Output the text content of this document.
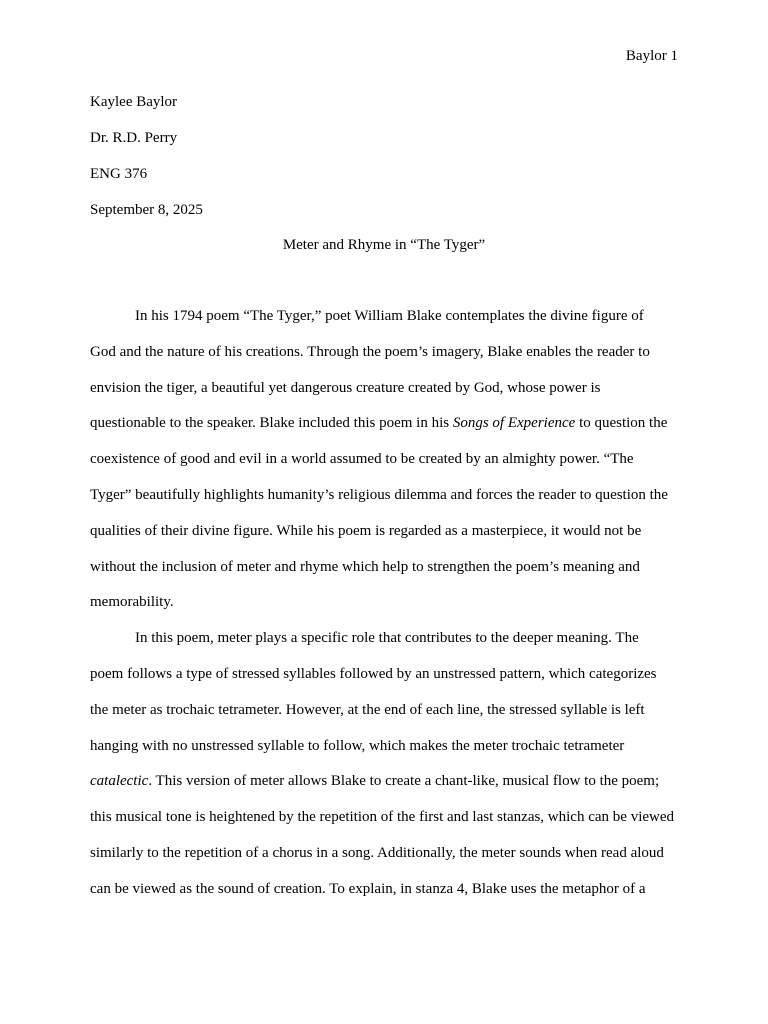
Baylor 1
Kaylee Baylor
Dr. R.D. Perry
ENG 376
September 8, 2025
Meter and Rhyme in “The Tyger”
In his 1794 poem “The Tyger,” poet William Blake contemplates the divine figure of
God and the nature of his creations. Through the poem’s imagery, Blake enables the reader to
envision the tiger, a beautiful yet dangerous creature created by God, whose power is
questionable to the speaker. Blake included this poem in his Songs of Experience to question the
coexistence of good and evil in a world assumed to be created by an almighty power. “The
Tyger” beautifully highlights humanity’s religious dilemma and forces the reader to question the
qualities of their divine figure. While his poem is regarded as a masterpiece, it would not be
without the inclusion of meter and rhyme which help to strengthen the poem’s meaning and
memorability.
In this poem, meter plays a specific role that contributes to the deeper meaning. The
poem follows a type of stressed syllables followed by an unstressed pattern, which categorizes
the meter as trochaic tetrameter. However, at the end of each line, the stressed syllable is left
hanging with no unstressed syllable to follow, which makes the meter trochaic tetrameter
catalectic. This version of meter allows Blake to create a chant-like, musical flow to the poem;
this musical tone is heightened by the repetition of the first and last stanzas, which can be viewed
similarly to the repetition of a chorus in a song. Additionally, the meter sounds when read aloud
can be viewed as the sound of creation. To explain, in stanza 4, Blake uses the metaphor of a
